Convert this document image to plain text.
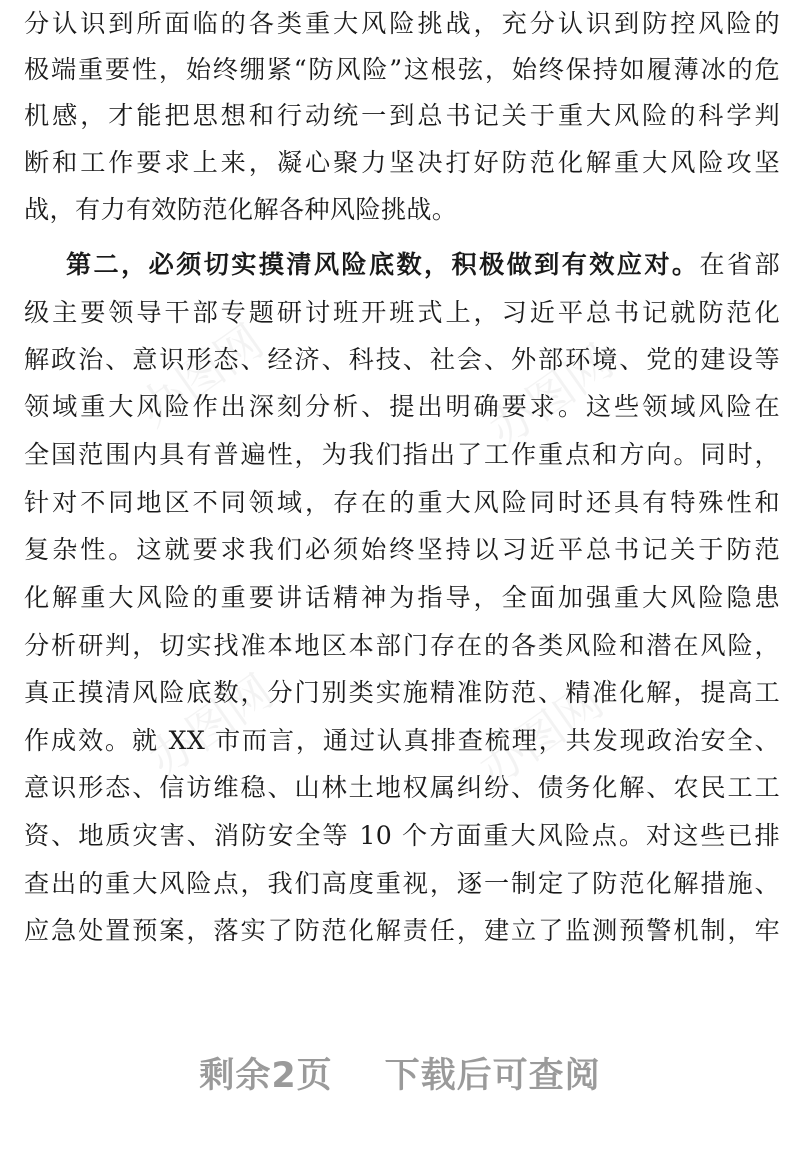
办图网	办图网
办图网	办图网
分认识到所面临的各类重大风险挑战，充分认识到防控风险的
极端重要性，始终绷紧“防风险”这根弦，始终保持如履薄冰的危
机感，才能把思想和行动统一到总书记关于重大风险的科学判
断和工作要求上来，凝心聚力坚决打好防范化解重大风险攻坚
战，有力有效防范化解各种风险挑战。
第二，必须切实摸清风险底数，积极做到有效应对。在省部
级主要领导干部专题研讨班开班式上，习近平总书记就防范化
解政治、意识形态、经济、科技、社会、外部环境、党的建设等
领域重大风险作出深刻分析、提出明确要求。这些领域风险在
全国范围内具有普遍性，为我们指出了工作重点和方向。同时，
针对不同地区不同领域，存在的重大风险同时还具有特殊性和
复杂性。这就要求我们必须始终坚持以习近平总书记关于防范
化解重大风险的重要讲话精神为指导，全面加强重大风险隐患
分析研判，切实找准本地区本部门存在的各类风险和潜在风险，
真正摸清风险底数，分门别类实施精准防范、精准化解，提高工
作成效。就 XX 市而言，通过认真排查梳理，共发现政治安全、
意识形态、信访维稳、山林土地权属纠纷、债务化解、农民工工
资、地质灾害、消防安全等 10 个方面重大风险点。对这些已排
查出的重大风险点，我们高度重视，逐一制定了防范化解措施、
应急处置预案，落实了防范化解责任，建立了监测预警机制，牢
剩余2页 下载后可查阅
